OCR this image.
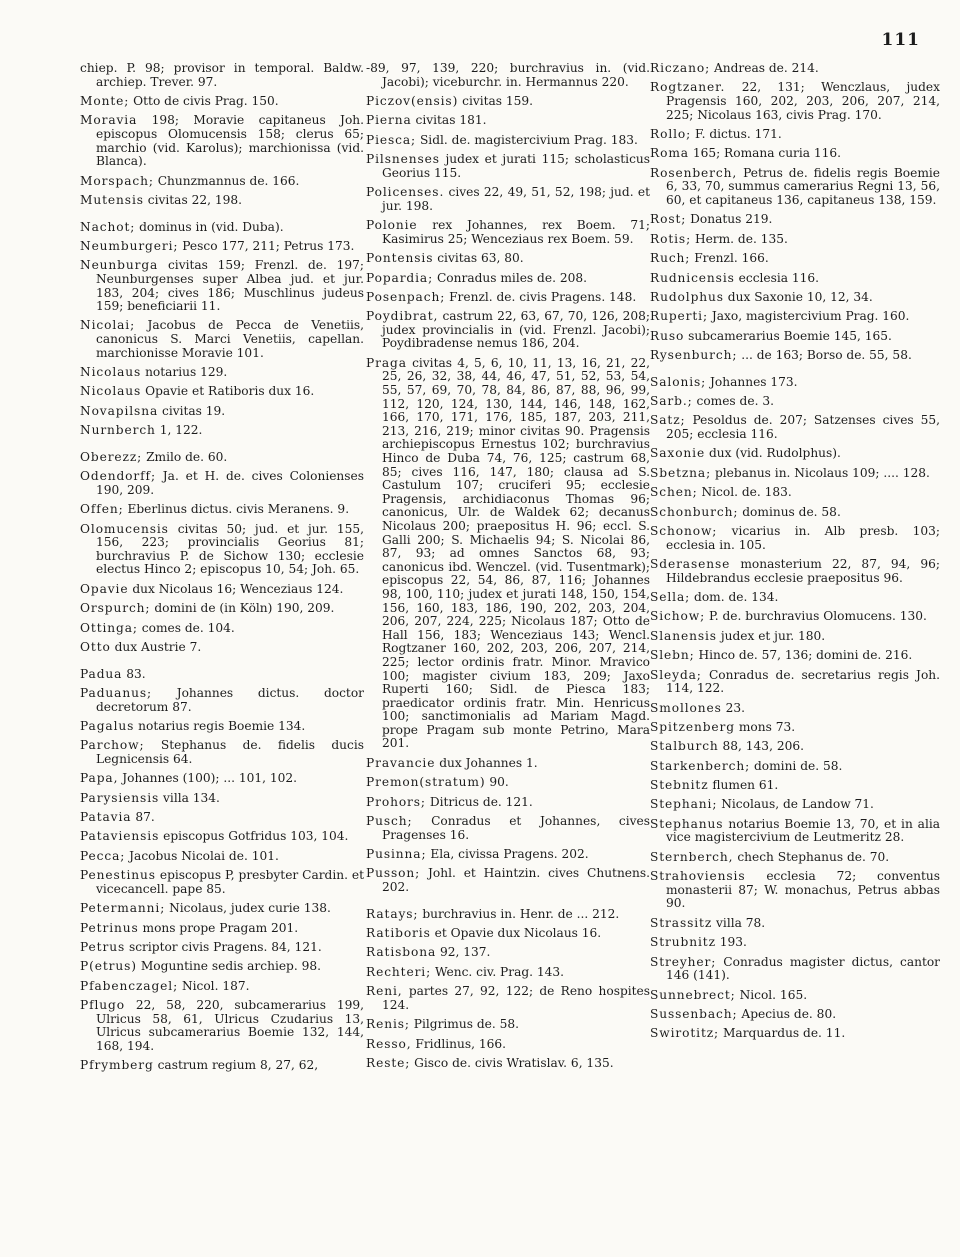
111

chiep. P. 98; provisor in temporal. Baldw. archiep. Trever. 97.

Monte; Otto de civis Prag. 150.

Moravia 198; Moravie capitaneus Joh. episcopus Olomucensis 158; clerus 65; marchio (vid. Karolus); marchionissa (vid. Blanca).

Morspach; Chunzmannus de. 166.

Mutensis civitas 22, 198.

Nachot; dominus in (vid. Duba).

Neumburgeri; Pesco 177, 211; Petrus 173.

Neunburga civitas 159; Frenzl. de. 197; Neunburgenses super Albea jud. et jur. 183, 204; cives 186; Muschlinus judeus 159; beneficiarii 11.

Nicolai; Jacobus de Pecca de Venetiis, canonicus S. Marci Venetiis, capellan. marchionisse Moravie 101.

Nicolaus notarius 129.

Nicolaus Opavie et Ratiboris dux 16.

Novapilsna civitas 19.

Nurnberch 1, 122.

Oberezz; Zmilo de. 60.

Odendorff; Ja. et H. de. cives Colonienses 190, 209.

Offen; Eberlinus dictus. civis Meranens. 9.

Olomucensis civitas 50; jud. et jur. 155, 156, 223; provincialis Georius 81; burchravius P. de Sichow 130; ecclesie electus Hinco 2; episcopus 10, 54; Joh. 65.

Opavie dux Nicolaus 16; Wenceziaus 124.

Orspurch; domini de (in Köln) 190, 209.

Ottinga; comes de. 104.

Otto dux Austrie 7.

Padua 83.

Paduanus; Johannes dictus. doctor decretorum 87.

Pagalus notarius regis Boemie 134.

Parchow; Stephanus de. fidelis ducis Legnicensis 64.

Papa, Johannes (100); ... 101, 102.

Parysiensis villa 134.

Patavia 87.

Pataviensis episcopus Gotfridus 103, 104.

Pecca; Jacobus Nicolai de. 101.

Penestinus episcopus P, presbyter Cardin. et vicecancell. pape 85.

Petermanni; Nicolaus, judex curie 138.

Petrinus mons prope Pragam 201.

Petrus scriptor civis Pragens. 84, 121.

P(etrus) Moguntine sedis archiep. 98.

Pfabenczagel; Nicol. 187.

Pflugo 22, 58, 220, subcamerarius 199, Ulricus 58, 61, Ulricus Czudarius 13, Ulricus subcamerarius Boemie 132, 144, 168, 194.

Pfrymberg castrum regium 8, 27, 62,

-89, 97, 139, 220; burchravius in. (vid. Jacobi); viceburchr. in. Hermannus 220.

Piczov(ensis) civitas 159.

Pierna civitas 181.

Piesca; Sidl. de. magistercivium Prag. 183.

Pilsnenses judex et jurati 115; scholasticus Georius 115.

Policenses. cives 22, 49, 51, 52, 198; jud. et jur. 198.

Polonie rex Johannes, rex Boem. 71; Kasimirus 25; Wenceziaus rex Boem. 59.

Pontensis civitas 63, 80.

Popardia; Conradus miles de. 208.

Posenpach; Frenzl. de. civis Pragens. 148.

Poydibrat, castrum 22, 63, 67, 70, 126, 208; judex provincialis in (vid. Frenzl. Jacobi); Poydibradense nemus 186, 204.

Praga civitas 4, 5, 6, 10, 11, 13, 16, 21, 22, 25, 26, 32, 38, 44, 46, 47, 51, 52, 53, 54, 55, 57, 69, 70, 78, 84, 86, 87, 88, 96, 99, 112, 120, 124, 130, 144, 146, 148, 162, 166, 170, 171, 176, 185, 187, 203, 211, 213, 216, 219; minor civitas 90. Pragensis archiepiscopus Ernestus 102; burchravius Hinco de Duba 74, 76, 125; castrum 68, 85; cives 116, 147, 180; clausa ad S. Castulum 107; cruciferi 95; ecclesie Pragensis, archidiaconus Thomas 96; canonicus, Ulr. de Waldek 62; decanus Nicolaus 200; praepositus H. 96; eccl. S. Galli 200; S. Michaelis 94; S. Nicolai 86, 87, 93; ad omnes Sanctos 68, 93; canonicus ibd. Wenczel. (vid. Tusentmark); episcopus 22, 54, 86, 87, 116; Johannes 98, 100, 110; judex et jurati 148, 150, 154, 156, 160, 183, 186, 190, 202, 203, 204, 206, 207, 224, 225; Nicolaus 187; Otto de Hall 156, 183; Wenceziaus 143; Wencl. Rogtzaner 160, 202, 203, 206, 207, 214, 225; lector ordinis fratr. Minor. Mravico 100; magister civium 183, 209; Jaxo Ruperti 160; Sidl. de Piesca 183; praedicator ordinis fratr. Min. Henricus 100; sanctimonialis ad Mariam Magd. prope Pragam sub monte Petrino, Mara 201.

Pravancie dux Johannes 1.

Premon(stratum) 90.

Prohors; Ditricus de. 121.

Pusch; Conradus et Johannes, cives Pragenses 16.

Pusinna; Ela, civissa Pragens. 202.

Pusson; Johl. et Haintzin. cives Chutnens. 202.

Ratays; burchravius in. Henr. de ... 212.

Ratiboris et Opavie dux Nicolaus 16.

Ratisbona 92, 137.

Rechteri; Wenc. civ. Prag. 143.

Reni, partes 27, 92, 122; de Reno hospites 124.

Renis; Pilgrimus de. 58.

Resso, Fridlinus, 166.

Reste; Gisco de. civis Wratislav. 6, 135.

Riczano; Andreas de. 214.

Rogtzaner. 22, 131; Wenczlaus, judex Pragensis 160, 202, 203, 206, 207, 214, 225; Nicolaus 163, civis Prag. 170.

Rollo; F. dictus. 171.

Roma 165; Romana curia 116.

Rosenberch, Petrus de. fidelis regis Boemie 6, 33, 70, summus camerarius Regni 13, 56, 60, et capitaneus 136, capitaneus 138, 159.

Rost; Donatus 219.

Rotis; Herm. de. 135.

Ruch; Frenzl. 166.

Rudnicensis ecclesia 116.

Rudolphus dux Saxonie 10, 12, 34.

Ruperti; Jaxo, magistercivium Prag. 160.

Ruso subcamerarius Boemie 145, 165.

Rysenburch; ... de 163; Borso de. 55, 58.

Salonis; Johannes 173.

Sarb.; comes de. 3.

Satz; Pesoldus de. 207; Satzenses cives 55, 205; ecclesia 116.

Saxonie dux (vid. Rudolphus).

Sbetzna; plebanus in. Nicolaus 109; .... 128.

Schen; Nicol. de. 183.

Schonburch; dominus de. 58.

Schonow; vicarius in. Alb presb. 103; ecclesia in. 105.

Sderasense monasterium 22, 87, 94, 96; Hildebrandus ecclesie praepositus 96.

Sella; dom. de. 134.

Sichow; P. de. burchravius Olomucens. 130.

Slanensis judex et jur. 180.

Slebn; Hinco de. 57, 136; domini de. 216.

Sleyda; Conradus de. secretarius regis Joh. 114, 122.

Smollones 23.

Spitzenberg mons 73.

Stalburch 88, 143, 206.

Starkenberch; domini de. 58.

Stebnitz flumen 61.

Stephani; Nicolaus, de Landow 71.

Stephanus notarius Boemie 13, 70, et in alia vice magistercivium de Leutmeritz 28.

Sternberch, chech Stephanus de. 70.

Strahoviensis ecclesia 72; conventus monasterii 87; W. monachus, Petrus abbas 90.

Strassitz villa 78.

Strubnitz 193.

Streyher; Conradus magister dictus, cantor 146 (141).

Sunnebrect; Nicol. 165.

Sussenbach; Apecius de. 80.

Swirotitz; Marquardus de. 11.
